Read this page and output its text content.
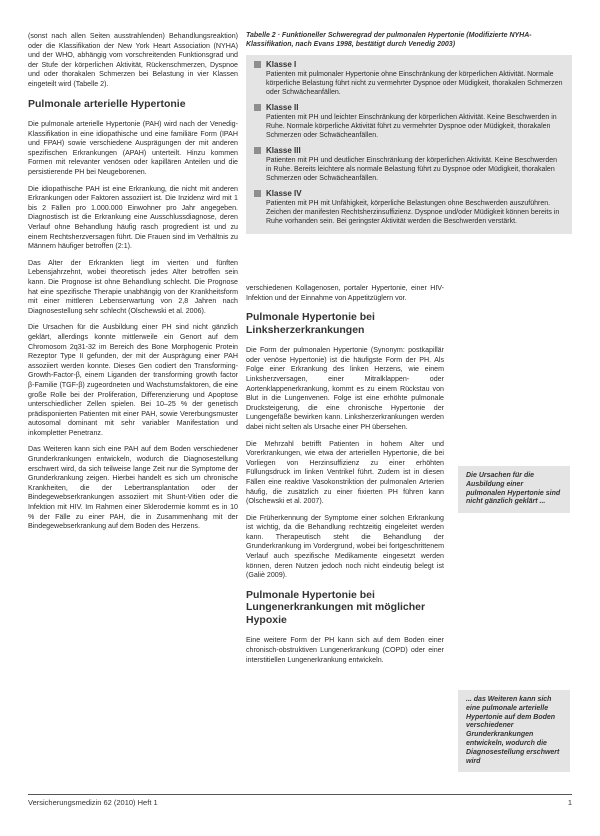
(sonst nach allen Seiten ausstrahlenden) Behandlungsreaktion) oder die Klassifikation der New York Heart Association (NYHA) und der WHO, abhängig vom vorschreitenden Funktionsgrad und der Stufe der körperlichen Aktivität, Rückenschmerzen, Dyspnoe und oder thorakalen Schmerzen bei Belastung in vier Klassen eingeteilt wird (Tabelle 2).

Pulmonale arterielle Hypertonie

Die pulmonale arterielle Hypertonie (PAH) wird nach der Venedig-Klassifikation in eine idiopathische und eine familiäre Form (IPAH und FPAH) sowie verschiedene Ausprägungen der mit anderen spezifischen Erkrankungen (APAH) unterteilt. Hinzu kommen Formen mit relevanter venösen oder kapillären Anteilen und die persistierende PH bei Neugeborenen.

Die idiopathische PAH ist eine Erkrankung, die nicht mit anderen Erkrankungen oder Faktoren assoziiert ist. Die Inzidenz wird mit 1 bis 2 Fällen pro 1.000.000 Einwohner pro Jahr angegeben. Diagnostisch ist die Erkrankung eine Ausschlussdiagnose, deren Verlauf ohne Behandlung häufig rasch progredient ist und zu einem Rechtsherzversagen führt. Die Frauen sind im Verhältnis zu Männern häufiger betroffen (2:1).

Das Alter der Erkrankten liegt im vierten und fünften Lebensjahrzehnt, wobei theoretisch jedes Alter betroffen sein kann. Die Prognose ist ohne Behandlung schlecht. Die Prognose hat eine spezifische Therapie unabhängig von der Krankheitsform mit einer mittleren Lebenserwartung von 2,8 Jahren nach Diagnosestellung sehr schlecht (Olschewski et al. 2006).

Die Ursachen für die Ausbildung einer PH sind nicht gänzlich geklärt, allerdings konnte mittlerweile ein Genort auf dem Chromosom 2q31-32 im Bereich des Bone Morphogenic Protein Rezeptor Type II gefunden, der mit der Ausprägung einer PAH assoziiert werden konnte. Dieses Gen codiert den Transforming-Growth-Factor-β, einem Liganden der transforming growth factor β-Familie (TGF-β) zugeordneten und Wachstumsfaktoren, die eine große Rolle bei der Proliferation, Differenzierung und Apoptose unterschiedlicher Zellen spielen. Bei 10–25 % der genetisch prädisponierten Patienten mit einer PAH, sowie Vererbungsmuster autosomal dominant mit sehr variabler Manifestation und inkompletter Penetranz.

Das Weiteren kann sich eine PAH auf dem Boden verschiedener Grunderkrankungen entwickeln, wodurch die Diagnosestellung erschwert wird, da sich teilweise lange Zeit nur die Symptome der Grunderkrankung zeigen. Hierbei handelt es sich um chronische Krankheiten, die der Lebertransplantation oder der Bindegewebserkrankungen assoziiert mit Shunt-Vitien oder die Infektion mit HIV. Im Rahmen einer Sklerodermie kommt es in 10 % der Fälle zu einer PAH, die in Zusammenhang mit der Bindegewebserkrankung auf dem Boden des Herzens.

Tabelle 2 · Funktioneller Schweregrad der pulmonalen Hypertonie (Modifizierte NYHA-Klassifikation, nach Evans 1998, bestätigt durch Venedig 2003)
Klasse I
Patienten mit pulmonaler Hypertonie ohne Einschränkung der körperlichen Aktivität. Normale körperliche Belastung führt nicht zu vermehrter Dyspnoe oder Müdigkeit, thorakalen Schmerzen oder Schwächeanfällen.
Klasse II
Patienten mit PH und leichter Einschränkung der körperlichen Aktivität. Keine Beschwerden in Ruhe. Normale körperliche Aktivität führt zu vermehrter Dyspnoe oder Müdigkeit, thorakalen Schmerzen oder Schwächeanfällen.
Klasse III
Patienten mit PH und deutlicher Einschränkung der körperlichen Aktivität. Keine Beschwerden in Ruhe. Bereits leichtere als normale Belastung führt zu Dyspnoe oder Müdigkeit, thorakalen Schmerzen oder Schwächeanfällen.
Klasse IV
Patienten mit PH mit Unfähigkeit, körperliche Belastungen ohne Beschwerden auszuführen. Zeichen der manifesten Rechtsherzinsuffizienz. Dyspnoe und/oder Müdigkeit können bereits in Ruhe vorhanden sein. Bei geringster Aktivität werden die Beschwerden verstärkt.

verschiedenen Kollagenosen, portaler Hypertonie, einer HIV-Infektion und der Einnahme von Appetitzüglern vor.

Pulmonale Hypertonie bei Linksherzerkrankungen

Die Form der pulmonalen Hypertonie (Synonym: postkapillär oder venöse Hypertonie) ist die häufigste Form der PH. Als Folge einer Erkrankung des linken Herzens, wie einem Linksherzversagen, einer Mitralklappen- oder Aortenklappenerkrankung, kommt es zu einem Rückstau von Blut in die Lungenvenen. Folge ist eine erhöhte pulmonale Drucksteigerung, die eine chronische Hypertonie der Lungengefäße bewirken kann. Linksherzerkrankungen werden dabei nicht selten als Ursache einer PH übersehen.

Die Mehrzahl betrifft Patienten in hohem Alter und Vorerkrankungen, wie etwa der arteriellen Hypertonie, die bei Vorliegen von Herzinsuffizienz zu einer erhöhten Füllungsdruck im linken Ventrikel führt. Zudem ist in diesen Fällen eine reaktive Vasokonstriktion der pulmonalen Arterien häufig, die zusätzlich zu einer fixierten PH führen kann (Olschewski et al. 2007).

Die Früherkennung der Symptome einer solchen Erkrankung ist wichtig, da die Behandlung rechtzeitig eingeleitet werden kann. Therapeutisch steht die Behandlung der Grunderkrankung im Vordergrund, wobei bei fortgeschrittenem Verlauf auch spezifische Medikamente eingesetzt werden können, deren Nutzen jedoch noch nicht eindeutig belegt ist (Galiè 2009).

Pulmonale Hypertonie bei Lungenerkrankungen mit möglicher Hypoxie

Eine weitere Form der PH kann sich auf dem Boden einer chronisch-obstruktiven Lungenerkrankung (COPD) oder einer interstitiellen Lungenerkrankung entwickeln.

Die Ursachen für die Ausbildung einer pulmonalen Hypertonie sind nicht gänzlich geklärt ...
... das Weiteren kann sich eine pulmonale arterielle Hypertonie auf dem Boden verschiedener Grunderkrankungen entwickeln, wodurch die Diagnosestellung erschwert wird
Versicherungsmedizin 62 (2010) Heft 1	1
